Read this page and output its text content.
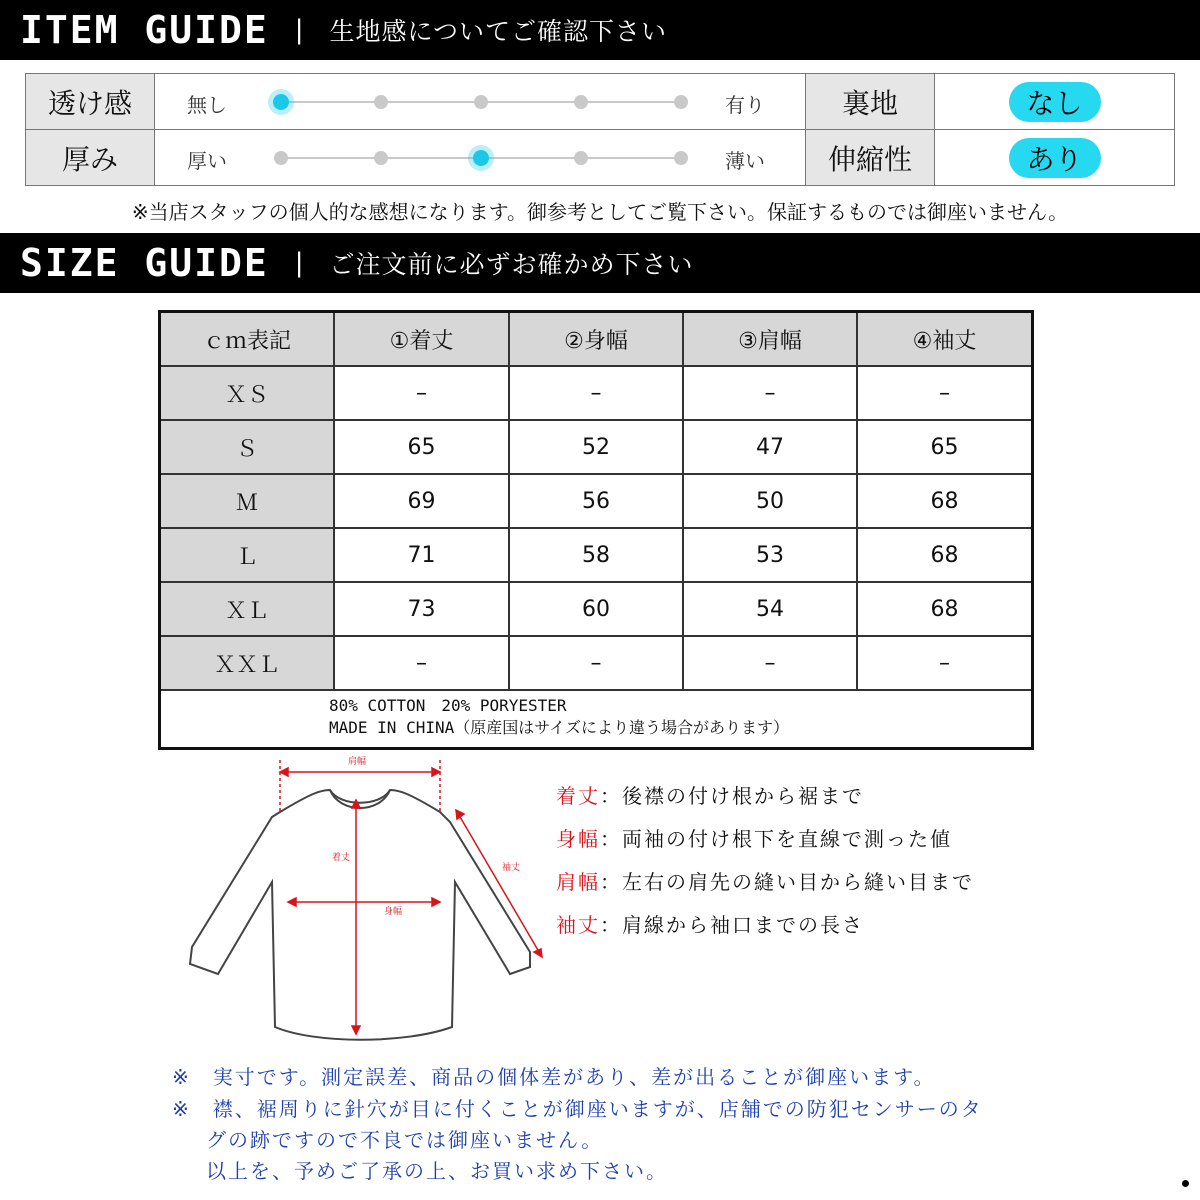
ITEM GUIDE | 生地感についてご確認下さい
透け感	無し	有り	裏地	なし
厚み	厚い	薄い	伸縮性	あり
※当店スタッフの個人的な感想になります。御参考としてご覧下さい。保証するものでは御座いません。
SIZE GUIDE | ご注文前に必ずお確かめ下さい
ｃｍ表記	①着丈	②身幅	③肩幅	④袖丈
ＸＳ	–	–	–	–
Ｓ	65	52	47	65
Ｍ	69	56	50	68
Ｌ	71	58	53	68
ＸＬ	73	60	54	68
ＸＸＬ	–	–	–	–
80% COTTON　20% PORYESTER
MADE IN CHINA（原産国はサイズにより違う場合があります）
肩幅
着丈
身幅
袖丈
着丈：後襟の付け根から裾まで
身幅：両袖の付け根下を直線で測った値
肩幅：左右の肩先の縫い目から縫い目まで
袖丈：肩線から袖口までの長さ
※　実寸です。測定誤差、商品の個体差があり、差が出ることが御座います。
※　襟、裾周りに針穴が目に付くことが御座いますが、店舗での防犯センサーのタ
グの跡ですので不良では御座いません。
以上を、予めご了承の上、お買い求め下さい。
